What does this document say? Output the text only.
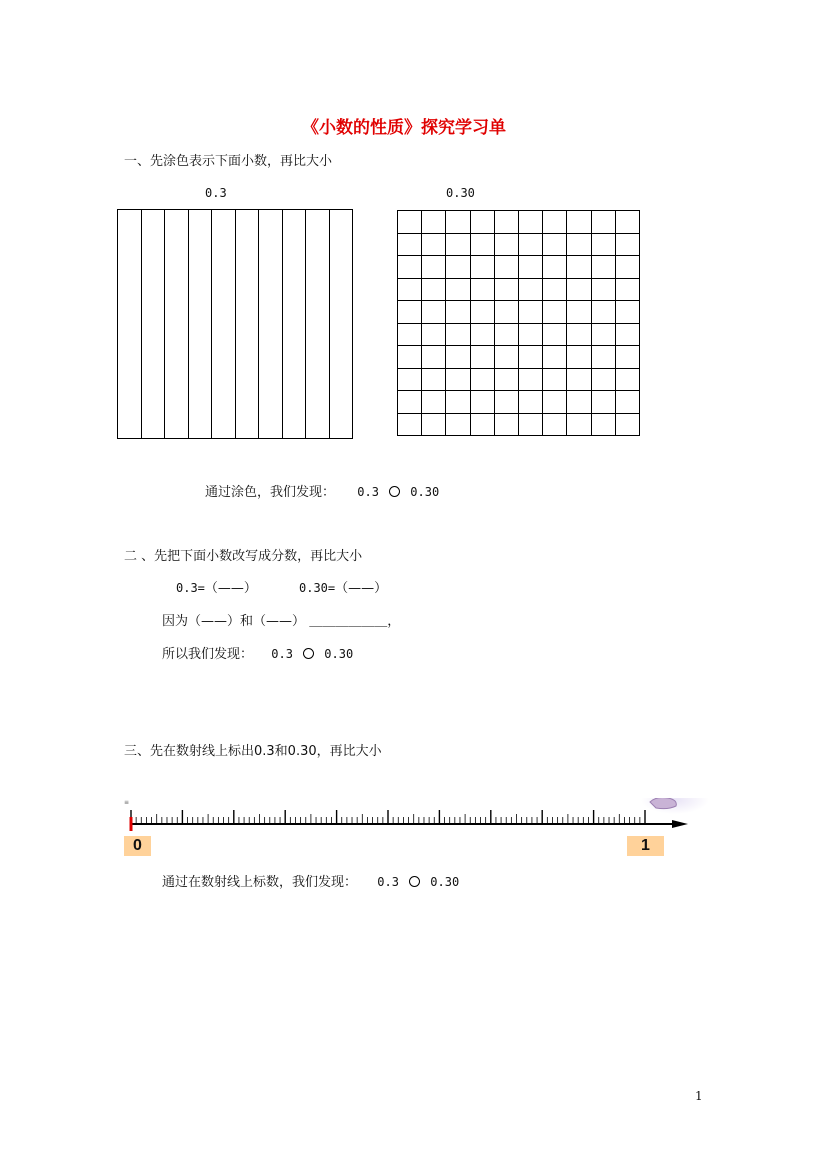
《小数的性质》探究学习单
一、先涂色表示下面小数，再比大小
0.3	0.30

通过涂色，我们发现： 0.3	0.30
二 、先把下面小数改写成分数，再比大小
0.3=（——）	0.30=（——）
因为（——）和（——） ＿＿＿＿＿＿，
所以我们发现： 0.3	0.30
三、先在数射线上标出0.3和0.30，再比大小
≡
0	1
通过在数射线上标数，我们发现： 0.3	0.30
1
